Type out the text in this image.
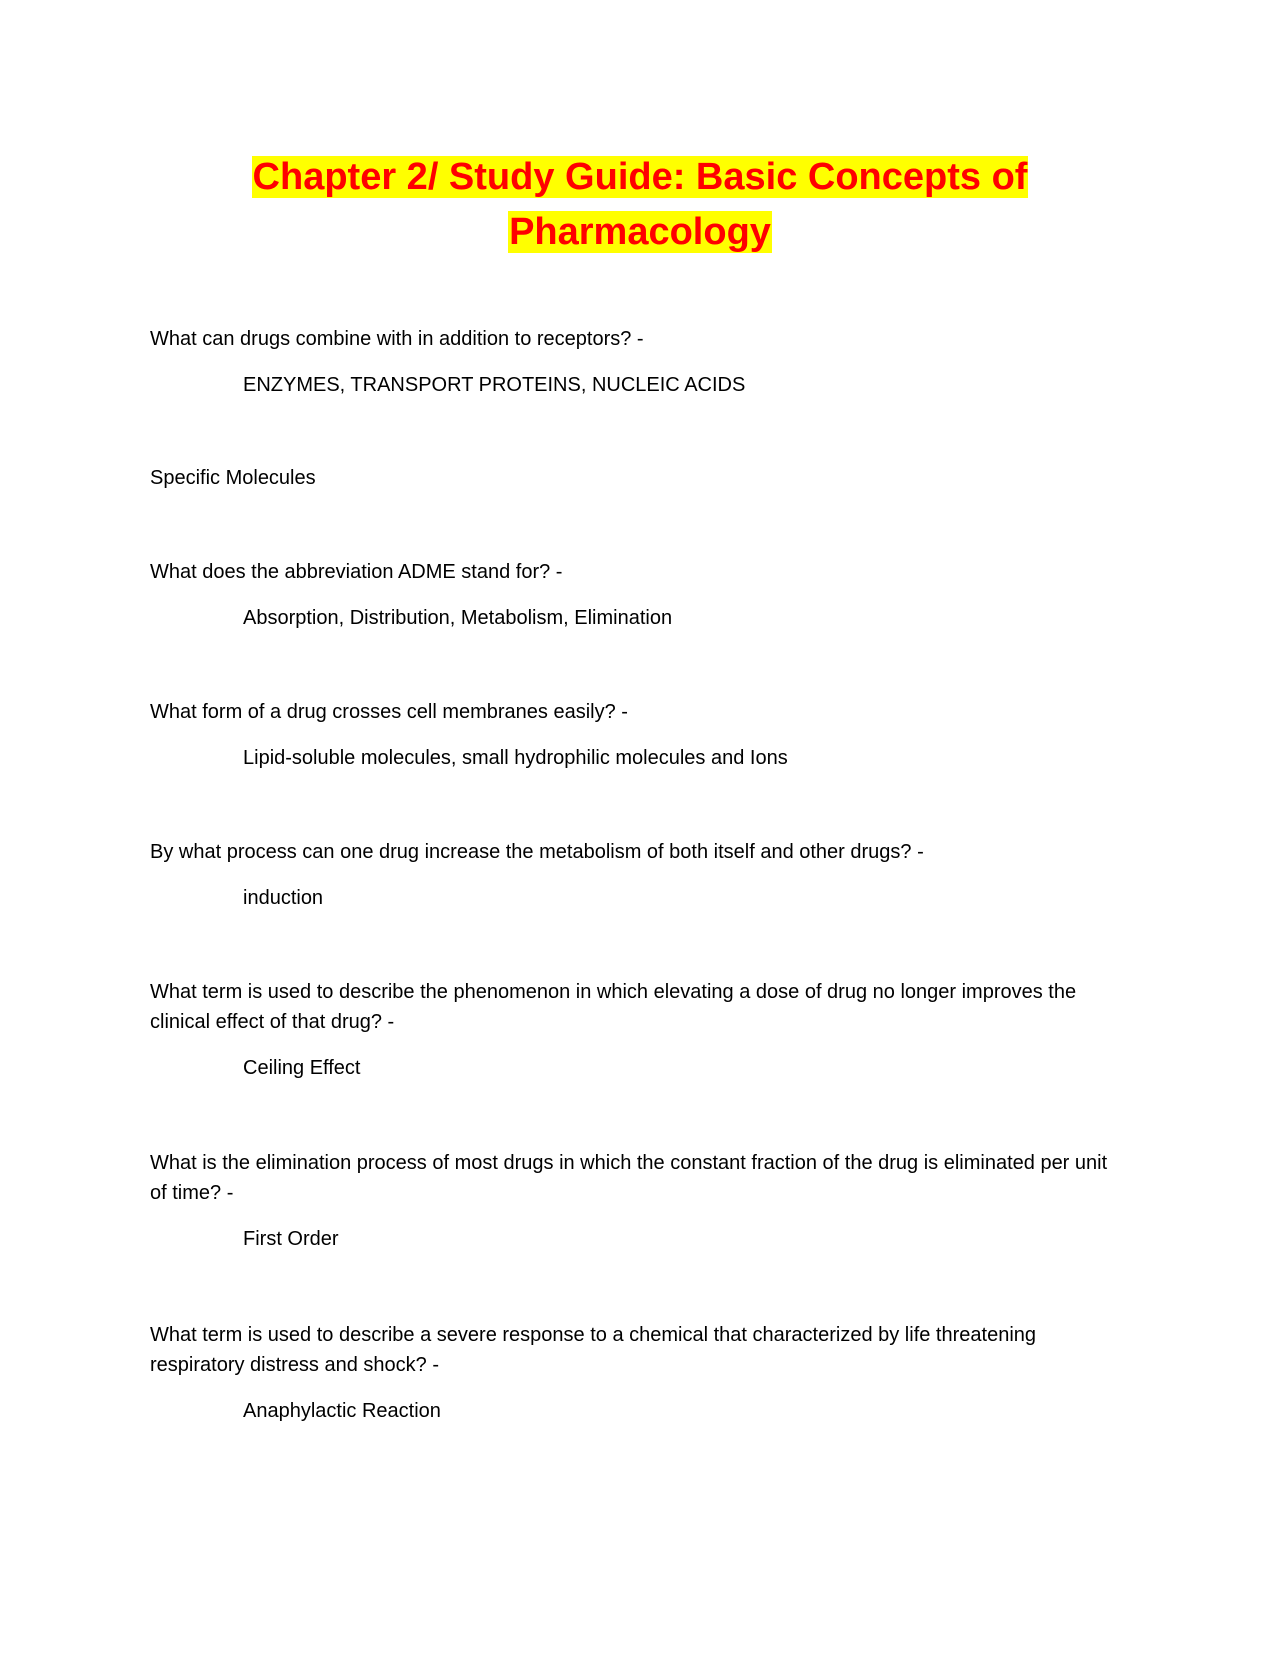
Chapter 2/ Study Guide: Basic Concepts of
Pharmacology

What can drugs combine with in addition to receptors? -

ENZYMES, TRANSPORT PROTEINS, NUCLEIC ACIDS

Specific Molecules

What does the abbreviation ADME stand for? -

Absorption, Distribution, Metabolism, Elimination

What form of a drug crosses cell membranes easily? -

Lipid-soluble molecules, small hydrophilic molecules and Ions

By what process can one drug increase the metabolism of both itself and other drugs? -

induction

What term is used to describe the phenomenon in which elevating a dose of drug no longer improves the clinical effect of that drug? -

Ceiling Effect

What is the elimination process of most drugs in which the constant fraction of the drug is eliminated per unit of time? -

First Order

What term is used to describe a severe response to a chemical that characterized by life threatening respiratory distress and shock? -

Anaphylactic Reaction
